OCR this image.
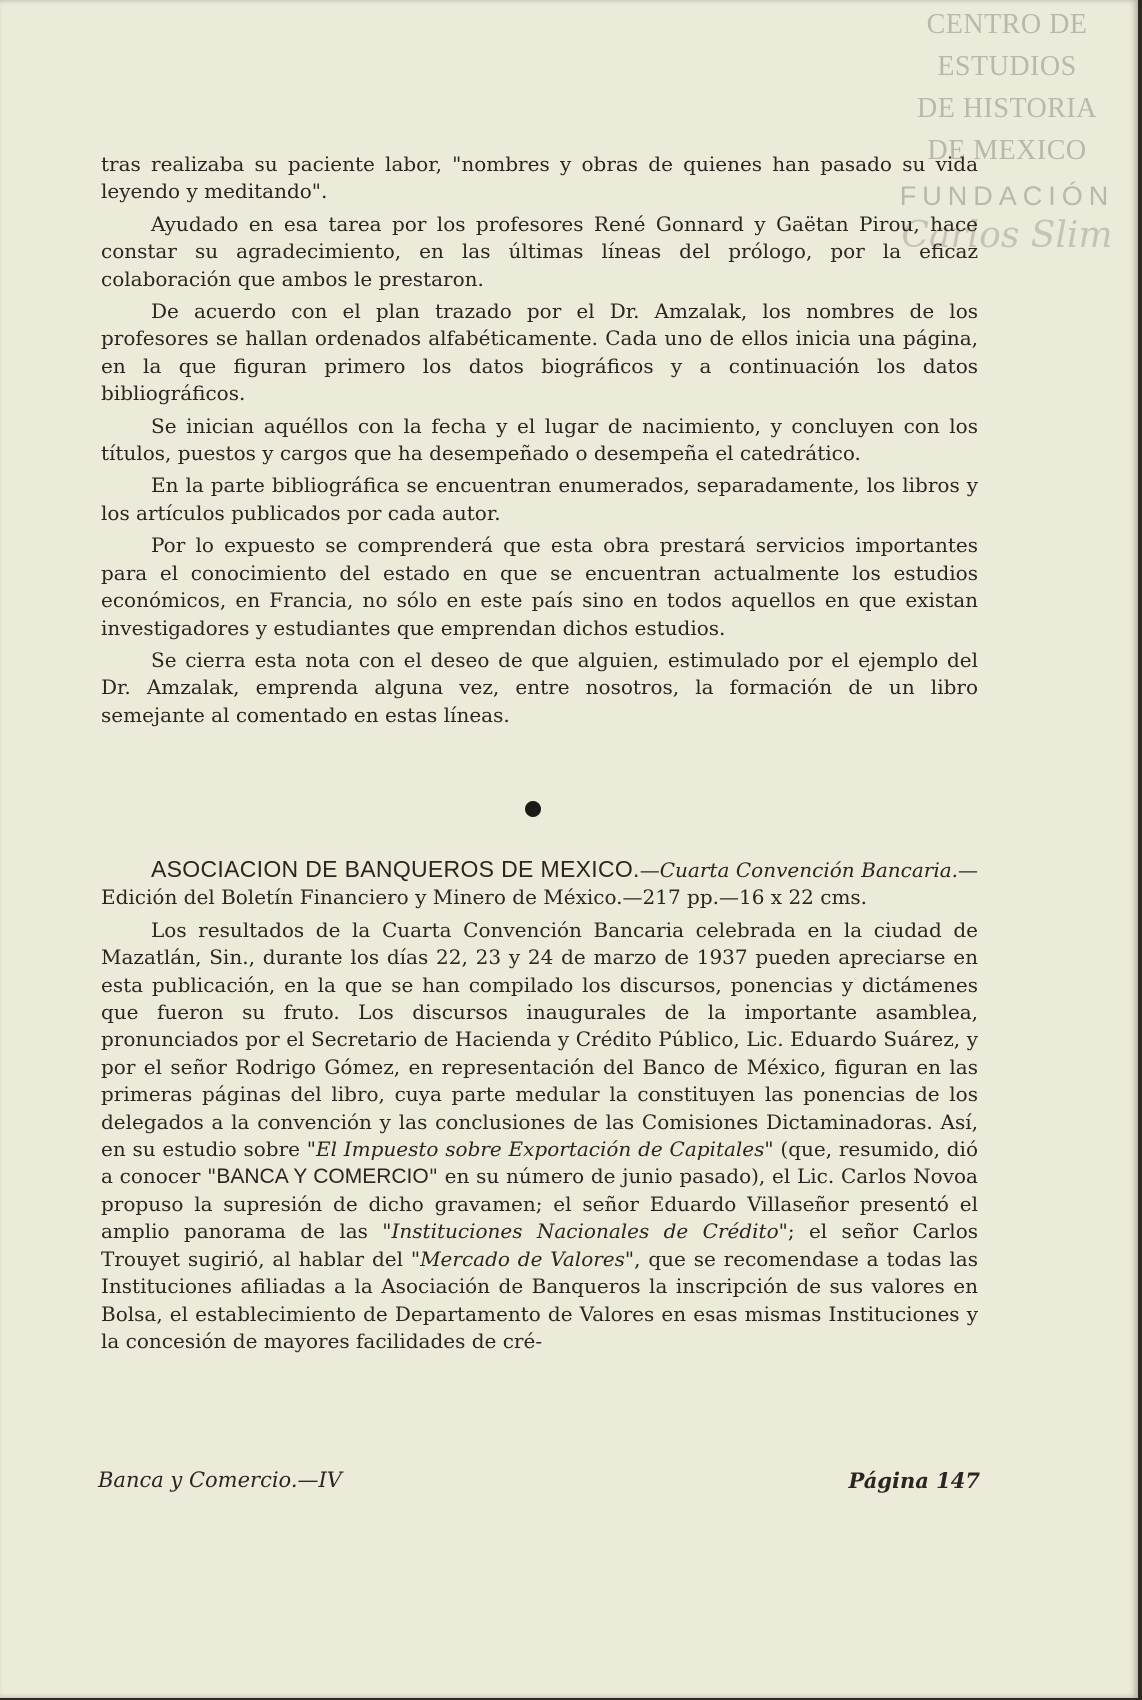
CENTRO DE
ESTUDIOS
DE HISTORIA
DE MEXICO
FUNDACIÓN
Carlos Slim

tras realizaba su paciente labor, "nombres y obras de quienes han pasado su vida leyendo y meditando".

Ayudado en esa tarea por los profesores René Gonnard y Gaëtan Pirou, hace constar su agradecimiento, en las últimas líneas del prólogo, por la eficaz colaboración que ambos le prestaron.

De acuerdo con el plan trazado por el Dr. Amzalak, los nombres de los profesores se hallan ordenados alfabéticamente. Cada uno de ellos inicia una página, en la que figuran primero los datos biográficos y a continuación los datos bibliográficos.

Se inician aquéllos con la fecha y el lugar de nacimiento, y concluyen con los títulos, puestos y cargos que ha desempeñado o desempeña el catedrático.

En la parte bibliográfica se encuentran enumerados, separadamente, los libros y los artículos publicados por cada autor.

Por lo expuesto se comprenderá que esta obra prestará servicios importantes para el conocimiento del estado en que se encuentran actualmente los estudios económicos, en Francia, no sólo en este país sino en todos aquellos en que existan investigadores y estudiantes que emprendan dichos estudios.

Se cierra esta nota con el deseo de que alguien, estimulado por el ejemplo del Dr. Amzalak, emprenda alguna vez, entre nosotros, la formación de un libro semejante al comentado en estas líneas.

ASOCIACION DE BANQUEROS DE MEXICO.—Cuarta Convención Bancaria.—Edición del Boletín Financiero y Minero de México.—217 pp.—16 x 22 cms.

Los resultados de la Cuarta Convención Bancaria celebrada en la ciudad de Mazatlán, Sin., durante los días 22, 23 y 24 de marzo de 1937 pueden apreciarse en esta publicación, en la que se han compilado los discursos, ponencias y dictámenes que fueron su fruto. Los discursos inaugurales de la importante asamblea, pronunciados por el Secretario de Hacienda y Crédito Público, Lic. Eduardo Suárez, y por el señor Rodrigo Gómez, en representación del Banco de México, figuran en las primeras páginas del libro, cuya parte medular la constituyen las ponencias de los delegados a la convención y las conclusiones de las Comisiones Dictaminadoras. Así, en su estudio sobre "El Impuesto sobre Exportación de Capitales" (que, resumido, dió a conocer "BANCA Y COMERCIO" en su número de junio pasado), el Lic. Carlos Novoa propuso la supresión de dicho gravamen; el señor Eduardo Villaseñor presentó el amplio panorama de las "Instituciones Nacionales de Crédito"; el señor Carlos Trouyet sugirió, al hablar del "Mercado de Valores", que se recomendase a todas las Instituciones afiliadas a la Asociación de Banqueros la inscripción de sus valores en Bolsa, el establecimiento de Departamento de Valores en esas mismas Instituciones y la concesión de mayores facilidades de cré-

Banca y Comercio.—IV	Página 147
